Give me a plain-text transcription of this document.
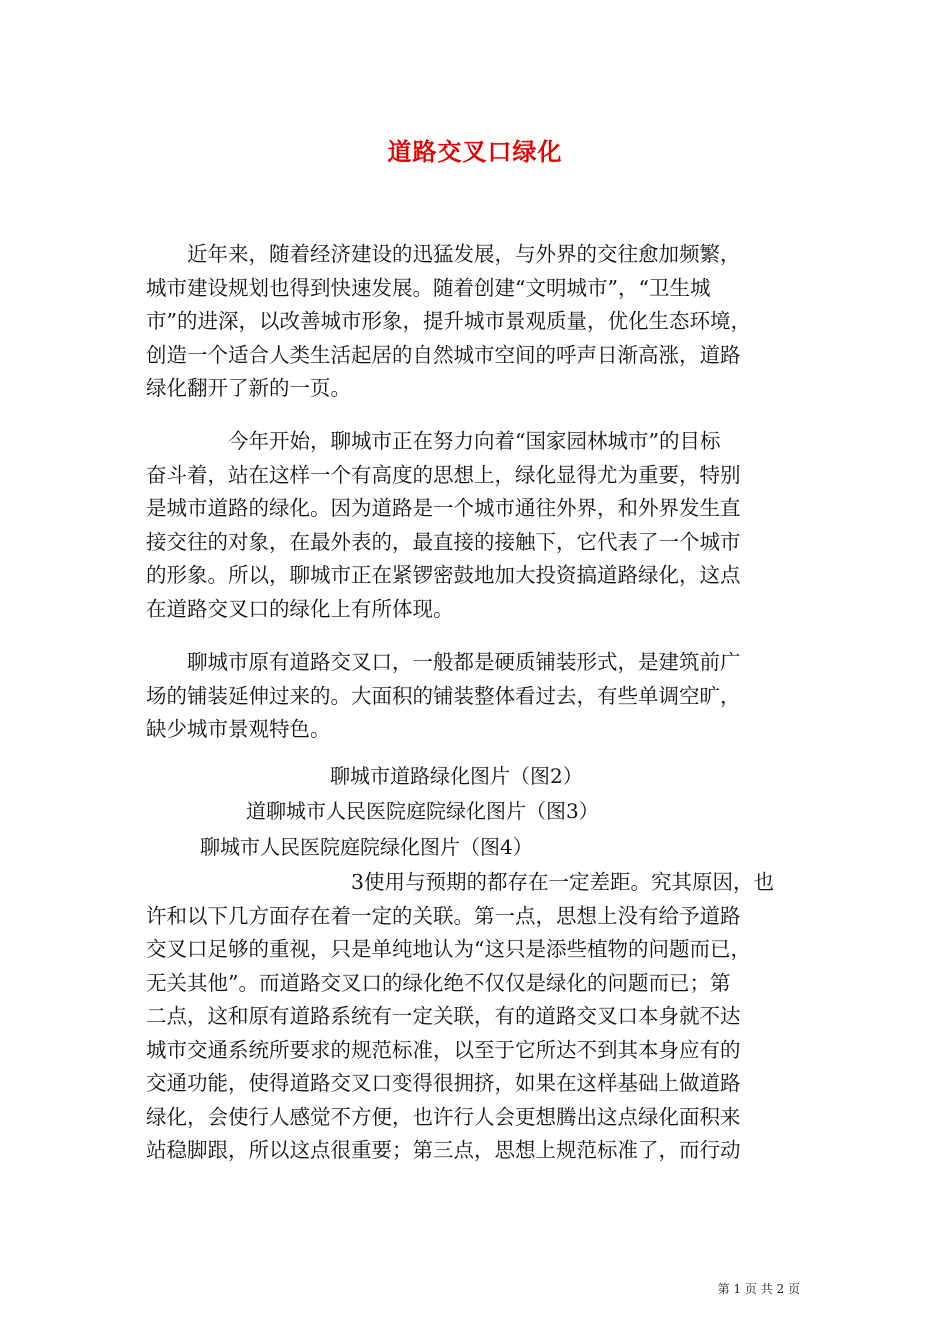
道路交叉口绿化
　　近年来，随着经济建设的迅猛发展，与外界的交往愈加频繁，
城市建设规划也得到快速发展。随着创建“文明城市”，“卫生城
市”的进深，以改善城市形象，提升城市景观质量，优化生态环境，
创造一个适合人类生活起居的自然城市空间的呼声日渐高涨，道路
绿化翻开了新的一页。
　　　　今年开始，聊城市正在努力向着“国家园林城市”的目标
奋斗着，站在这样一个有高度的思想上，绿化显得尤为重要，特别
是城市道路的绿化。因为道路是一个城市通往外界，和外界发生直
接交往的对象，在最外表的，最直接的接触下，它代表了一个城市
的形象。所以，聊城市正在紧锣密鼓地加大投资搞道路绿化，这点
在道路交叉口的绿化上有所体现。
　　聊城市原有道路交叉口，一般都是硬质铺装形式，是建筑前广
场的铺装延伸过来的。大面积的铺装整体看过去，有些单调空旷，
缺少城市景观特色。
聊城市道路绿化图片（图2）
道聊城市人民医院庭院绿化图片（图3）
聊城市人民医院庭院绿化图片（图4）
　　　　　　　　　　3使用与预期的都存在一定差距。究其原因，也
许和以下几方面存在着一定的关联。第一点，思想上没有给予道路
交叉口足够的重视，只是单纯地认为“这只是添些植物的问题而已，
无关其他”。而道路交叉口的绿化绝不仅仅是绿化的问题而已；第
二点，这和原有道路系统有一定关联，有的道路交叉口本身就不达
城市交通系统所要求的规范标准，以至于它所达不到其本身应有的
交通功能，使得道路交叉口变得很拥挤，如果在这样基础上做道路
绿化，会使行人感觉不方便，也许行人会更想腾出这点绿化面积来
站稳脚跟，所以这点很重要；第三点，思想上规范标准了，而行动
第 1 页 共 2 页
